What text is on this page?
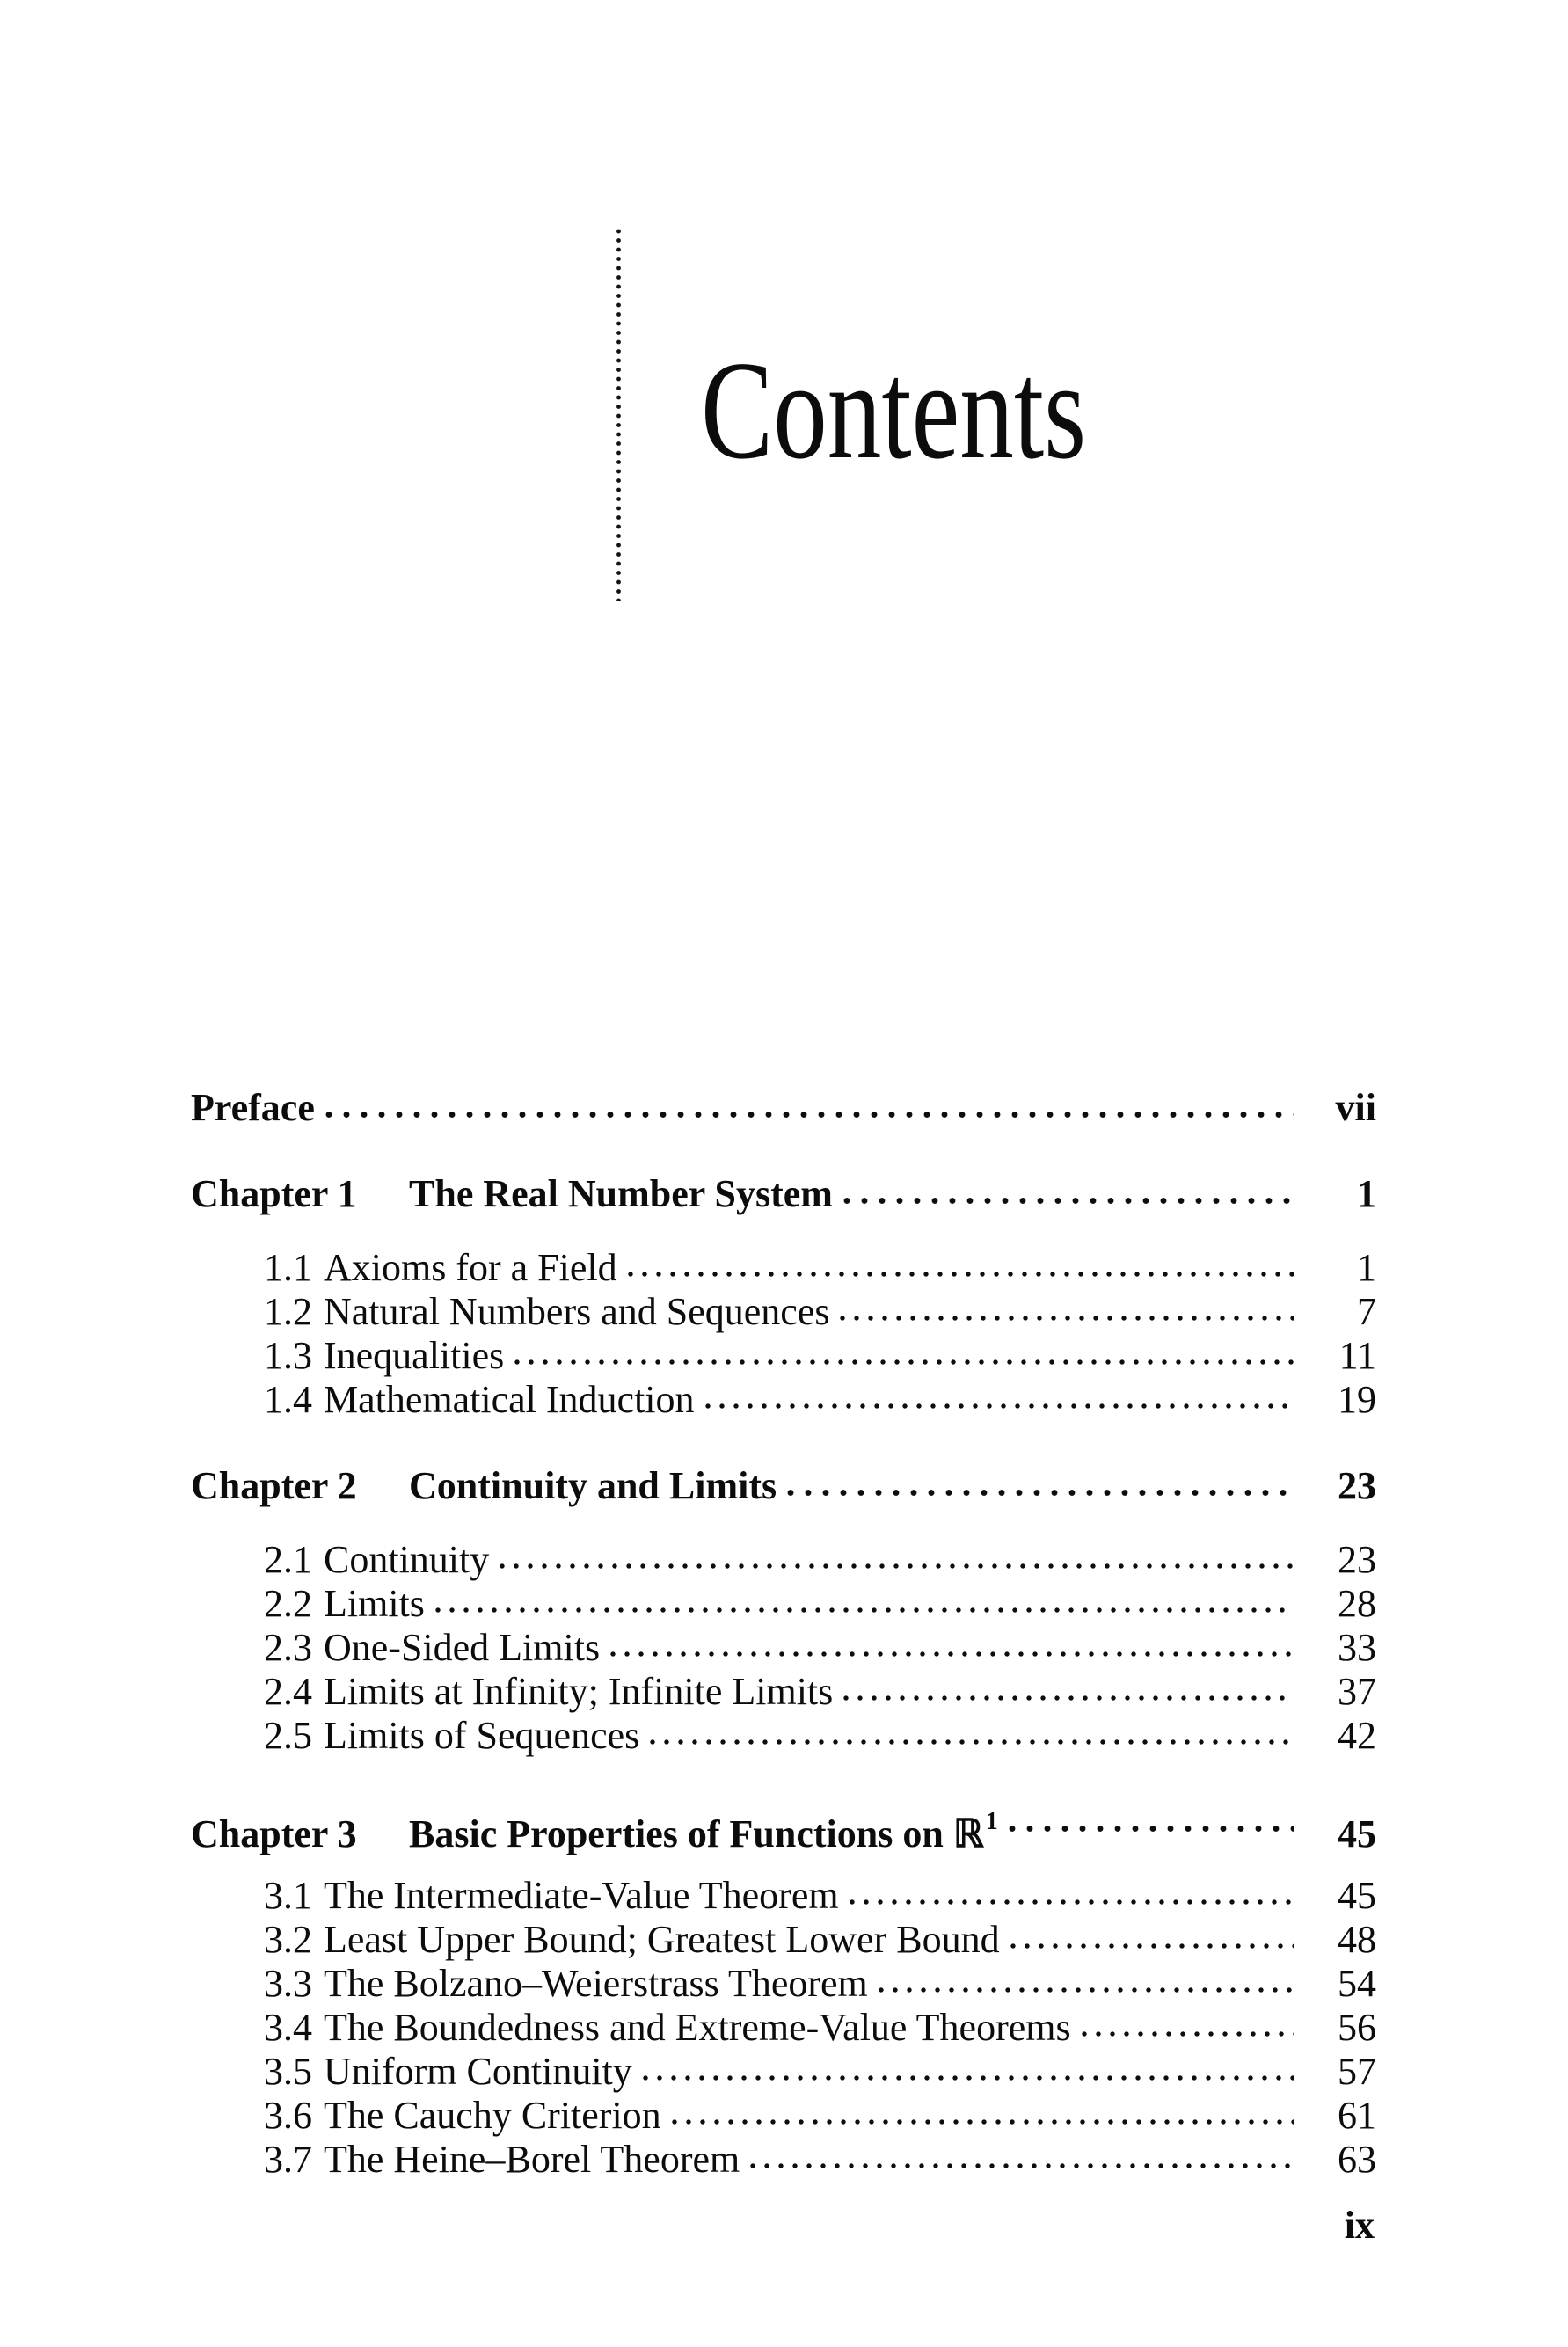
Contents
Preface	vii
Chapter 1	The Real Number System	1
1.1 Axioms for a Field	1
1.2 Natural Numbers and Sequences	7
1.3 Inequalities	11
1.4 Mathematical Induction	19
Chapter 2	Continuity and Limits	23
2.1 Continuity	23
2.2 Limits	28
2.3 One-Sided Limits	33
2.4 Limits at Infinity; Infinite Limits	37
2.5 Limits of Sequences	42
Chapter 3	Basic Properties of Functions on ℝ$^1$	45
3.1 The Intermediate-Value Theorem	45
3.2 Least Upper Bound; Greatest Lower Bound	48
3.3 The Bolzano–Weierstrass Theorem	54
3.4 The Boundedness and Extreme-Value Theorems	56
3.5 Uniform Continuity	57
3.6 The Cauchy Criterion	61
3.7 The Heine–Borel Theorem	63
ix
